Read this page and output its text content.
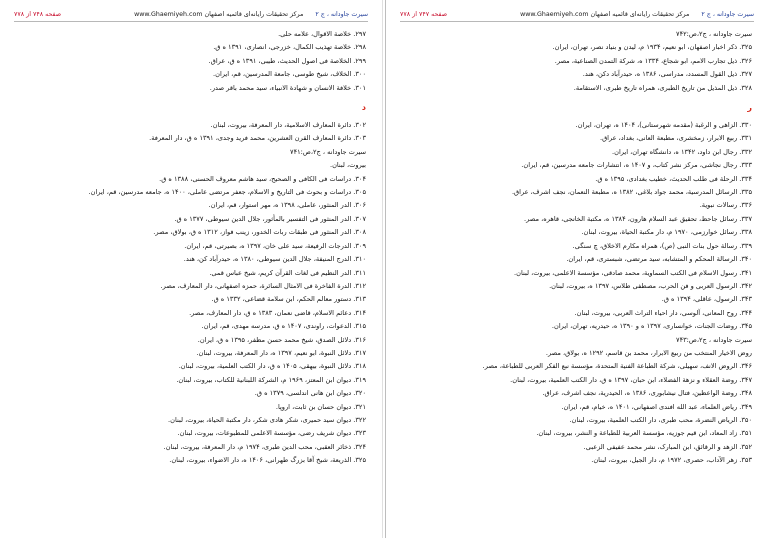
سیرت جاودانه ، ج ‏۲ مرکز تحقیقات رایانه‌ای قائمیه اصفهان www.Ghaemiyeh.com
صفحه ۷۴۸ از ۷۷۸
۲۹۷. خلاصة الاقوال، علامه حلی.
۲۹۸. خلاصة تهذیب الکمال، خزرجی، انصاری، ۱۳۹۱ ه ق.
۲۹۹. الخلاصة فی اصول الحدیث، طیبی، ۱۳۹۱ ه ق، عراق.
۳۰۰. الخلاف، شیخ طوسی، جامعة المدرسین، قم، ایران.
۳۰۱. خلافة الانسان و شهادة الانبیاء، سید محمد باقر صدر.
د
۳۰۲. دائرة المعارف الاسلامیة، دار المعرفة، بیروت، لبنان.
۳۰۳. دائرة المعارف القرن العشرین، محمد فرید وجدی، ۱۳۹۱ ه ق، دار المعرفة.
سیرت جاودانه ، ج‏۲،ص:۷۴۱
بیروت، لبنان.
۳۰۴. دراسات فی الکافی و الصحیح، سید هاشم معروف الحسنی، ۱۳۸۸ ه ق.
۳۰۵. دراسات و بحوث فی التاریخ و الاسلام، جعفر مرتضی عاملی، ۱۴۰۰ ه، جامعه مدرسین، قم، ایران.
۳۰۶. الدر المنثور، عاملی، ۱۳۹۸ ه، مهر استوار، قم، ایران.
۳۰۷. الدر المنثور فی التفسیر بالمأثور، جلال الدین سیوطی، ۱۳۷۷ ه ق.
۳۰۸. الدر المنثور فی طبقات ربات الخدور، زینب فواز، ۱۳۱۲ ه ق، بولاق، مصر.
۳۰۹. الدرجات الرفیعة، سید علی خان، ۱۳۹۷ ه، بصیرتی، قم، ایران.
۳۱۰. الدرج المنیفة، جلال الدین سیوطی، ۱۳۸۰ ه، حیدرآباد کن، هند.
۳۱۱. الدر النظیم فی لغات القرآن کریم، شیخ عباس قمی.
۳۱۲. الدرة الفاخرة فی الامثال السائرة، حمزه اصفهانی، دار المعارف، مصر.
۳۱۳. دستور معالم الحکم، ابن سلامة قضاعی، ۱۳۳۲ ه ق.
۳۱۴. دعائم الاسلام، قاضی نعمان، ۱۳۸۳ ه ق، دار المعارف، مصر.
۳۱۵. الدعوات، راوندی، ۱۴۰۷ ه ق، مدرسه مهدی، قم، ایران.
۳۱۶. دلائل الصدق، شیخ محمد حسن مظفر، ۱۳۹۵ ه ق، ایران.
۳۱۷. دلائل النبوة، ابو نعیم، ۱۳۹۷ ه، دار المعرفة، بیروت، لبنان.
۳۱۸. دلائل النبوة، بیهقی، ۱۴۰۵ ه ق، دار الکتب العلمیة، بیروت، لبنان.
۳۱۹. دیوان ابن المعتز، ۱۹۶۹ م، الشرکة اللبنانیة للکتاب، بیروت، لبنان.
۳۲۰. دیوان ابن هانی اندلسی، ۱۳۷۹ ه ق.
۳۲۱. دیوان حسان بن ثابت، اروپا.
۳۲۲. دیوان سید حمیری، شکر هادی شکر، دار مکتبة الحیاة، بیروت، لبنان.
۳۲۳. دیوان شریف رضی، مؤسسة الاعلمی للمطبوعات، بیروت، لبنان.
۳۲۴. ذخائر العقبی، محب الدین طبری، ۱۹۷۴ م، دار المعرفة، بیروت، لبنان.
۳۲۵. الذریعة، شیخ آقا بزرگ طهرانی، ۱۴۰۶ ه، دار الاضواء، بیروت، لبنان.
سیرت جاودانه ، ج ‏۲ مرکز تحقیقات رایانه‌ای قائمیه اصفهان www.Ghaemiyeh.com
صفحه ۷۴۷ از ۷۷۸
سیرت جاودانه ، ج‏۲،ص:۷۴۲
۳۲۵. ذکر اخبار اصفهان، ابو نعیم، ۱۹۳۴ م، لیدن و بنیاد نصر، تهران، ایران.
۳۲۶. ذیل تجارب الامم، ابو شجاع، ۱۳۳۴ ه، شرکة التمدن الصناعیة، مصر.
۳۲۷. ذیل القول المسدد، مدراسی، ۱۳۸۶ ه، حیدرآباد دکن، هند.
۳۲۸. ذیل المذیل من تاریخ الطبری، همراه تاریخ طبری، الاستقامة.
ر
۳۳۰. الزاهی و الرغبة (مقدمه شهرستانی)، ۱۴۰۴ ه، تهران، ایران.
۳۳۱. ربیع الابرار، زمخشری، مطبعة العانی، بغداد، عراق.
۳۳۲. رجال ابن داود، ۱۳۴۲ ه، دانشگاه تهران، ایران.
۳۳۳. رجال نجاشی، مرکز نشر کتاب، و ۱۴۰۷ ه، انتشارات جامعه مدرسین، قم، ایران.
۳۳۴. الرحلة فی طلب الحدیث، خطیب بغدادی، ۱۳۹۵ ه ق.
۳۳۵. الرسائل المدرسیة، محمد جواد بلاغی، ۱۳۸۲ ه، مطبعة النعمان، نجف اشرف، عراق.
۳۳۶. رسالات نبویة.
۳۳۷. رسائل جاحظ، تحقیق عبد السلام هارون، ۱۳۸۴ ه، مکتبة الخانجی، قاهره، مصر.
۳۳۸. رسائل خوارزمی، ۱۹۷۰ م، دار مکتبة الحیاة، بیروت، لبنان.
۳۳۹. رسالة حول بنات النبی (ص)، همراه مکارم الاخلاق، چ سنگی.
۳۴۰. الرسالة المحکم و المتشابه، سید مرتضی، شبستری، قم، ایران.
۳۴۱. رسول الاسلام فی الکتب السماویة، محمد صادقی، مؤسسة الاعلمی، بیروت، لبنان.
۳۴۲. الرسول العربی و فن الحرب، مصطفی طلاس، ۱۳۹۷ ه، بیروت، لبنان.
۳۴۳. الرسول، عاقلی، ۱۳۹۴ ه ق.
۳۴۴. روح المعانی، آلوسی، دار احیاء التراث العربی، بیروت، لبنان.
۳۴۵. روضات الجنات، خوانساری، ۱۳۹۷ ه و ۱۳۹۰ ه، حیدریه، تهران، ایران.
سیرت جاودانه ، ج‏۲،ص:۷۴۳
روض الاخیار المنتخب من ربیع الابرار، محمد بن قاسم، ۱۲۹۲ ه، بولاق، مصر.
۳۴۶. الروض الانف، سهیلی، شرکة الطباعة الفنیة المتحدة، مؤسسة نبع الفکر العربی للطباعة، مصر.
۳۴۷. روضة العقلاء و نزهة الفضلاء، ابن حبان، ۱۳۹۷ ه ق، دار الکتب العلمیة، بیروت، لبنان.
۳۴۸. روضة الواعظین، فتال نیشابوری، ۱۳۸۶ ه، الحیدریة، نجف اشرف، عراق.
۳۴۹. ریاض العلماء، عبد الله افندی اصفهانی، ۱۴۰۱ ه، خیام، قم، ایران.
۳۵۰. الریاض النضرة، محب طبری، دار الکتب العلمیة، بیروت، لبنان.
۳۵۱. زاد المعاد، ابن قیم جوزیه، مؤسسة العربیة للطباعة و النشر، بیروت، لبنان.
۳۵۲. الزهد و الرقائق، ابن المبارک، نشر محمد عفیفی الزعبی.
۳۵۳. زهر الآداب، حصری، ۱۹۷۲ م، دار الجیل، بیروت، لبنان.
